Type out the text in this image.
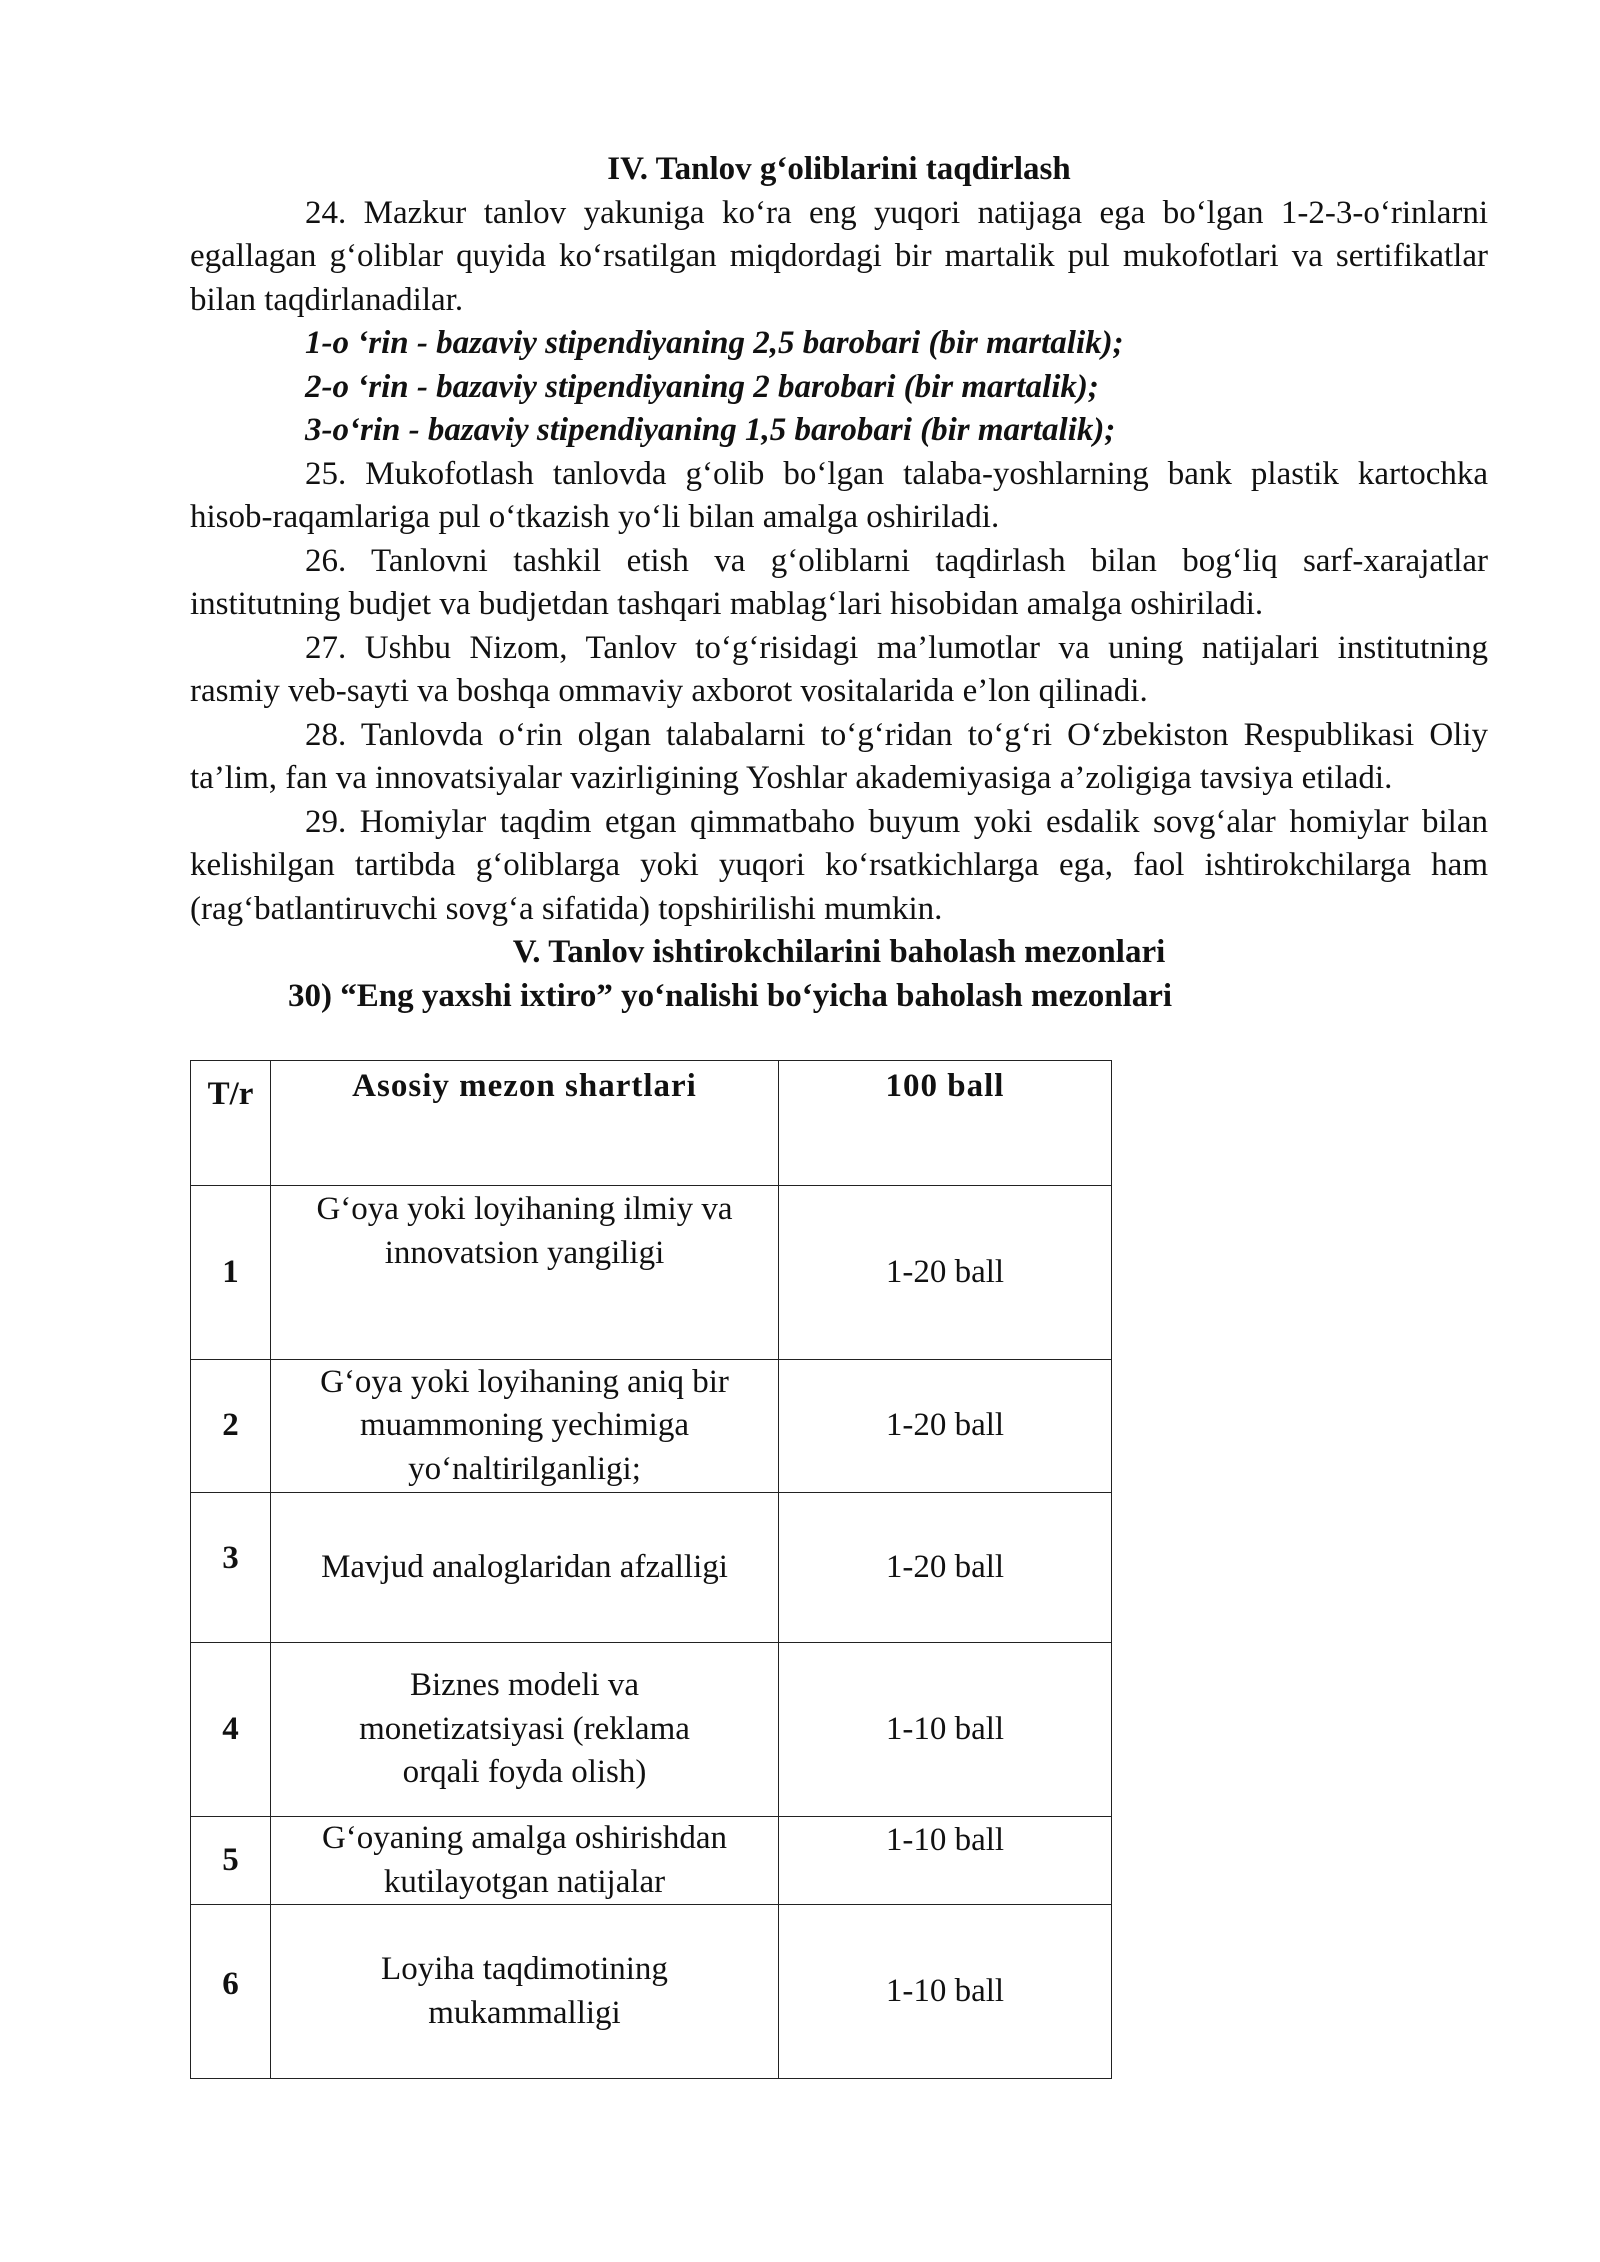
IV. Tanlov g‘oliblarini taqdirlash

24. Mazkur tanlov yakuniga ko‘ra eng yuqori natijaga ega bo‘lgan 1-2-3-o‘rinlarni egallagan g‘oliblar quyida ko‘rsatilgan miqdordagi bir martalik pul mukofotlari va sertifikatlar bilan taqdirlanadilar.

1-o ‘rin - bazaviy stipendiyaning 2,5 barobari (bir martalik);

2-o ‘rin - bazaviy stipendiyaning 2 barobari (bir martalik);

3-o‘rin - bazaviy stipendiyaning 1,5 barobari (bir martalik);

25. Mukofotlash tanlovda g‘olib bo‘lgan talaba-yoshlarning bank plastik kartochka hisob-raqamlariga pul o‘tkazish yo‘li bilan amalga oshiriladi.

26. Tanlovni tashkil etish va g‘oliblarni taqdirlash bilan bog‘liq sarf-xarajatlar institutning budjet va budjetdan tashqari mablag‘lari hisobidan amalga oshiriladi.

27. Ushbu Nizom, Tanlov to‘g‘risidagi ma’lumotlar va uning natijalari institutning rasmiy veb-sayti va boshqa ommaviy axborot vositalarida e’lon qilinadi.

28. Tanlovda o‘rin olgan talabalarni to‘g‘ridan to‘g‘ri O‘zbekiston Respublikasi Oliy ta’lim, fan va innovatsiyalar vazirligining Yoshlar akademiyasiga a’zoligiga tavsiya etiladi.

29. Homiylar taqdim etgan qimmatbaho buyum yoki esdalik sovg‘alar homiylar bilan kelishilgan tartibda g‘oliblarga yoki yuqori ko‘rsatkichlarga ega, faol ishtirokchilarga ham (rag‘batlantiruvchi sovg‘a sifatida) topshirilishi mumkin.

V. Tanlov ishtirokchilarini baholash mezonlari

30) “Eng yaxshi ixtiro” yo‘nalishi bo‘yicha baholash mezonlari

T/r	Asosiy mezon shartlari	100 ball
1	G‘oya yoki loyihaning ilmiy va innovatsion yangiligi	1-20 ball
2	G‘oya yoki loyihaning aniq bir muammoning yechimiga yo‘naltirilganligi;	1-20 ball
3	Mavjud analoglaridan afzalligi	1-20 ball
4	Biznes modeli va monetizatsiyasi (reklama orqali foyda olish)	1-10 ball
5	G‘oyaning amalga oshirishdan kutilayotgan natijalar	1-10 ball
6	Loyiha taqdimotining mukammalligi	1-10 ball
